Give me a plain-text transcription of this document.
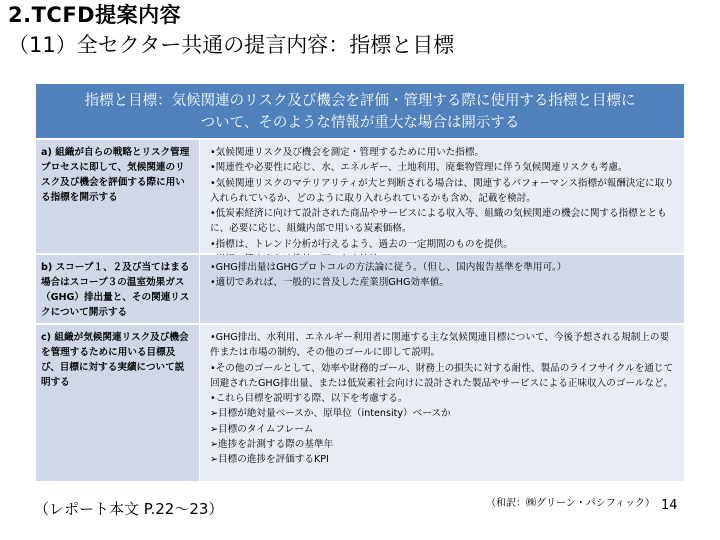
2.TCFD提案内容
（11）全セクター共通の提言内容：指標と目標
指標と目標：気候関連のリスク及び機会を評価・管理する際に使用する指標と目標に
ついて、そのような情報が重大な場合は開示する
a) 組織が自らの戦略とリスク管理プロセスに即して、気候関連のリスク及び機会を評価する際に用いる指標を開示する
•気候関連リスク及び機会を測定・管理するために用いた指標。
•関連性や必要性に応じ、水、エネルギー、土地利用、廃棄物管理に伴う気候関連リスクも考慮。
•気候関連リスクのマテリアリティが大と判断される場合は、関連するパフォーマンス指標が報酬決定に取り入れられているか、どのように取り入れられているかも含め、記載を検討。
•低炭素経済に向けて設計された商品やサービスによる収入等、組織の気候関連の機会に関する指標とともに、必要に応じ、組織内部で用いる炭素価格。
•指標は、トレンド分析が行えるよう、過去の一定期間のものを提供。
b) スコープ１、２及び当てはまる場合はスコープ３の温室効果ガス（GHG）排出量と、その関連リスクについて開示する
•GHG排出量はGHGプロトコルの方法論に従う。（但し、国内報告基準を準用可。）
•適切であれば、一般的に普及した産業別GHG効率値。
c) 組織が気候関連リスク及び機会を管理するために用いる目標及び、目標に対する実績について説明する
•GHG排出、水利用、エネルギー利用者に関連する主な気候関連目標について、今後予想される規制上の要件または市場の制約、その他のゴールに即して説明。
•その他のゴールとして、効率や財務的ゴール、財務上の損失に対する耐性、製品のライフサイクルを通じて回避されたGHG排出量、または低炭素社会向けに設計された製品やサービスによる正味収入のゴールなど。
•これら目標を説明する際、以下を考慮する。
➢目標が絶対量ベースか、原単位（intensity）ベースか
➢目標のタイムフレーム
➢進捗を計測する際の基準年
➢目標の進捗を評価するKPI
（レポート本文 P.22～23）	（和訳：㈱グリーン・パシフィック） 14
